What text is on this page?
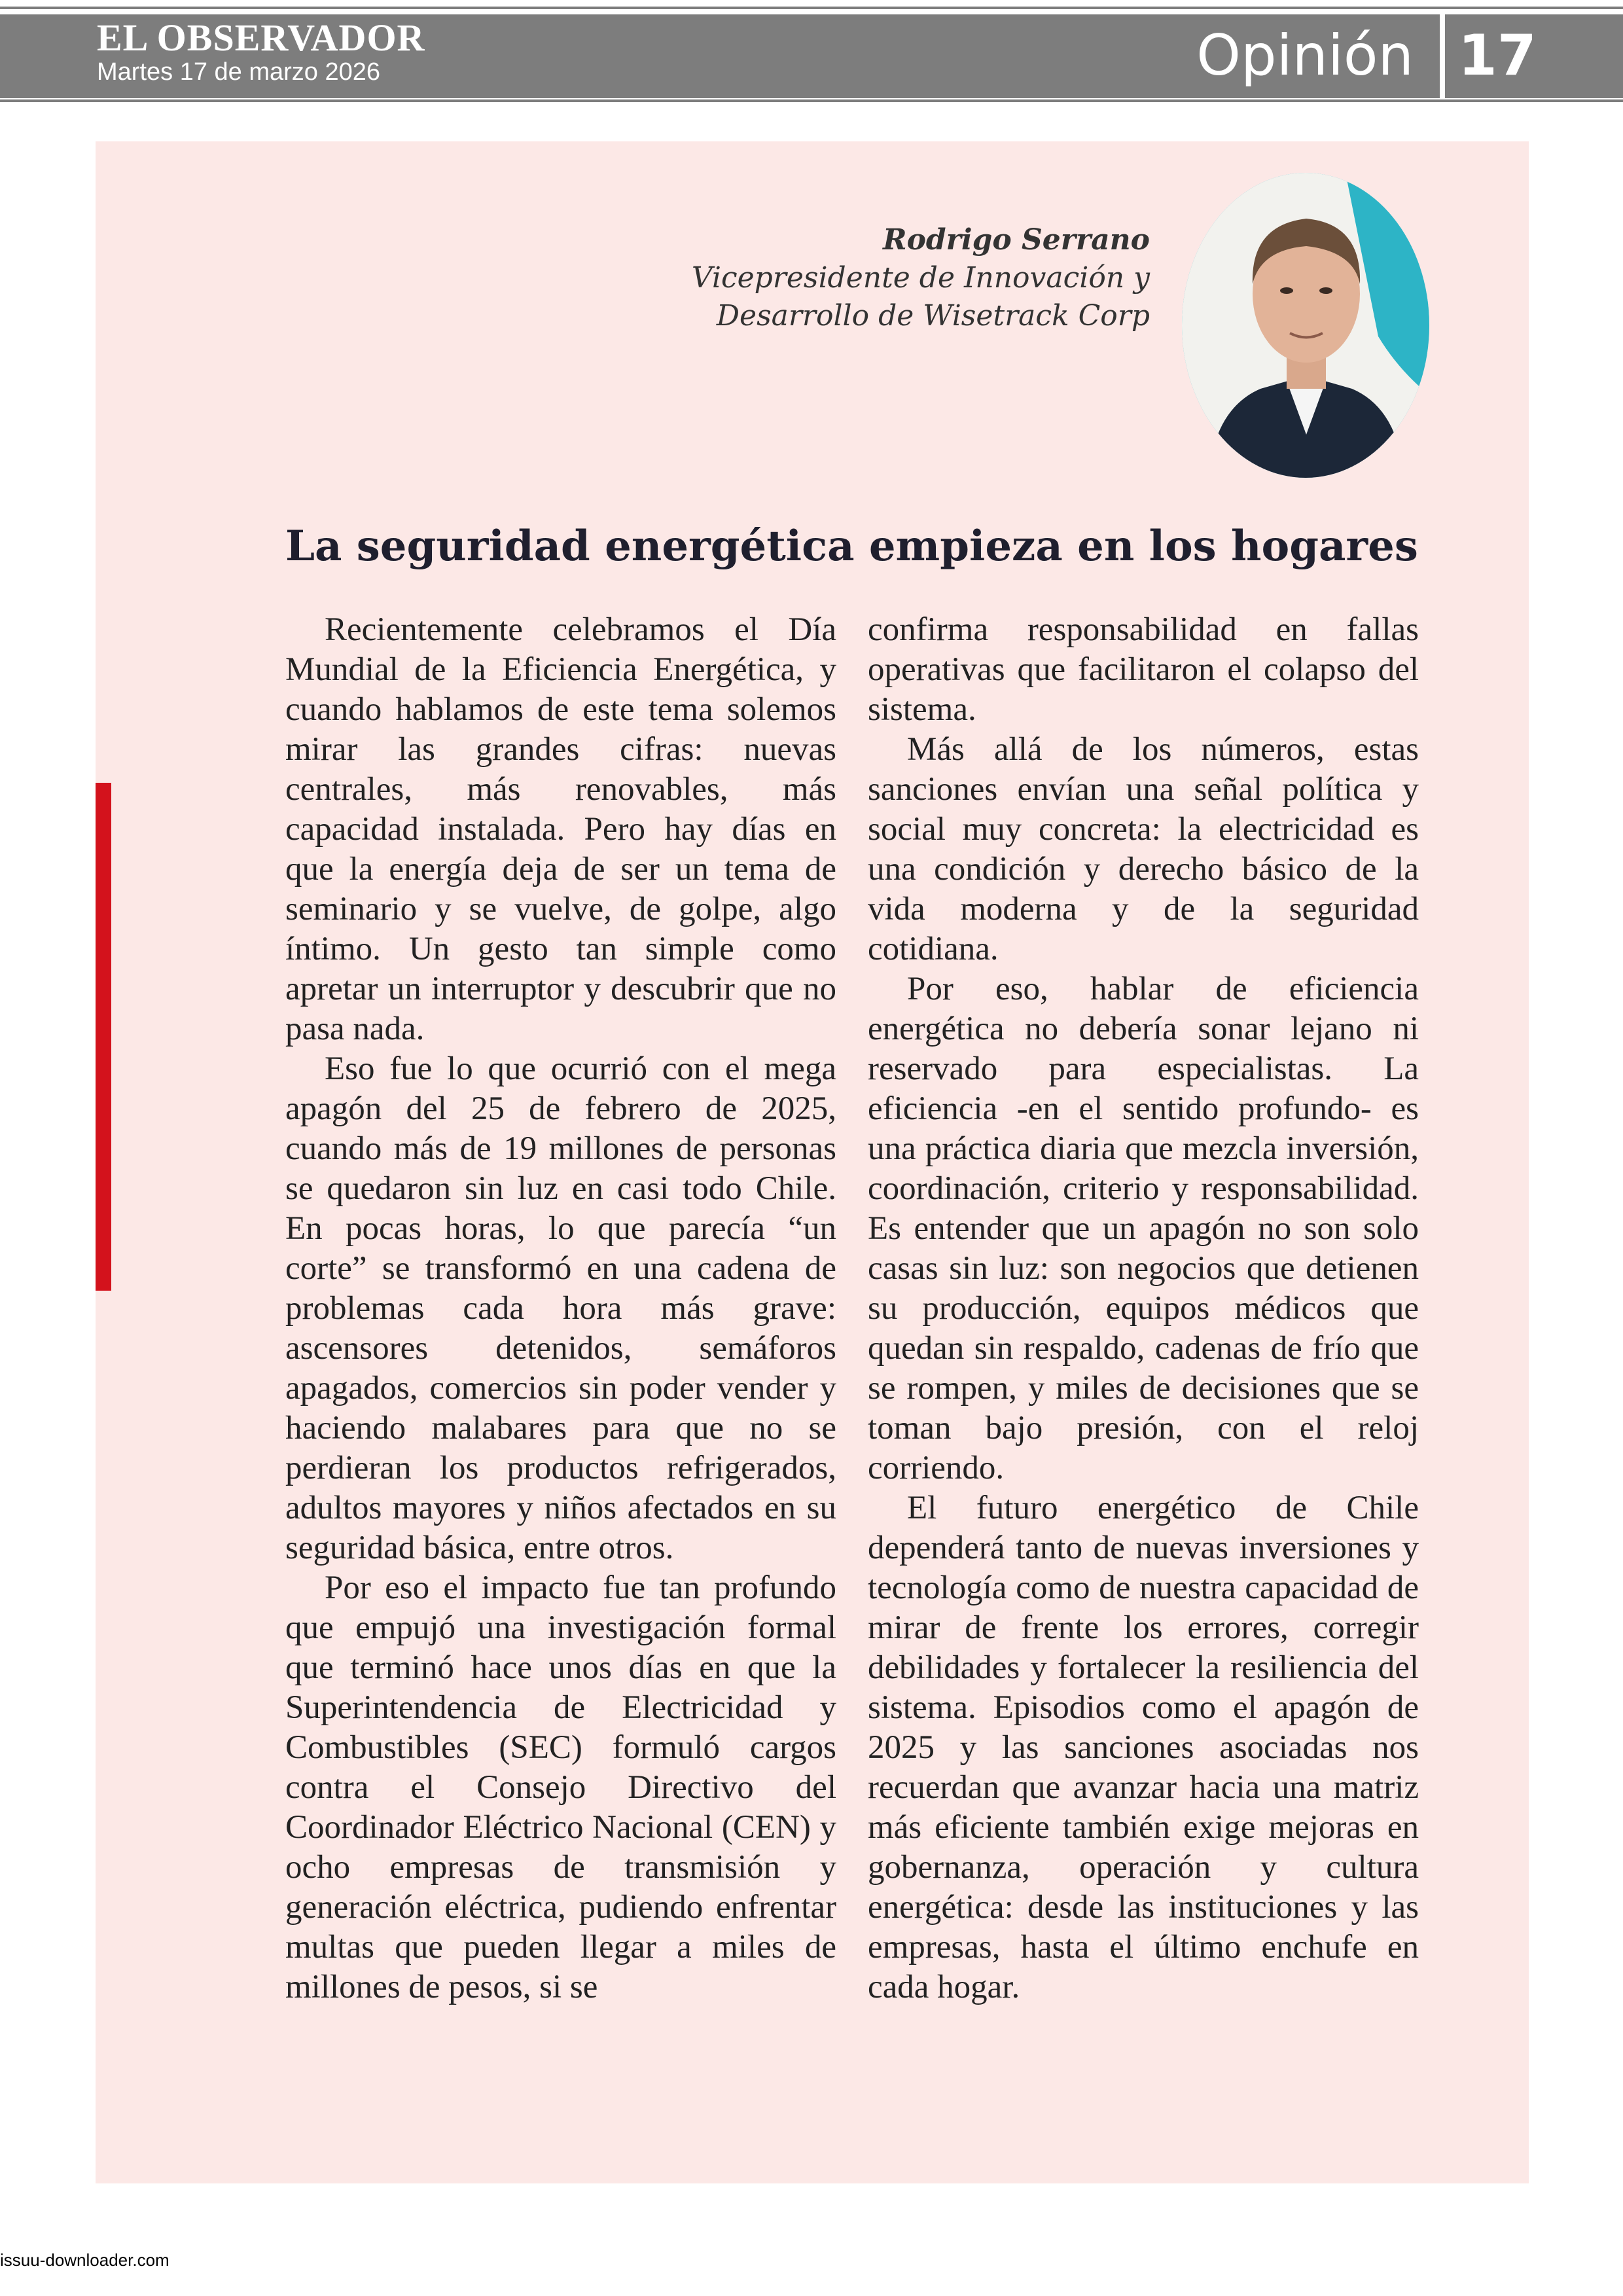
EL OBSERVADOR
Martes 17 de marzo 2026	Opinión 17
Rodrigo Serrano
Vicepresidente de Innovación y
Desarrollo de Wisetrack Corp
La seguridad energética empieza en los hogares

Recientemente celebramos el Día Mundial de la Eficiencia Energética, y cuando hablamos de este tema solemos mirar las grandes cifras: nuevas centrales, más renovables, más capacidad instalada. Pero hay días en que la energía deja de ser un tema de seminario y se vuelve, de golpe, algo íntimo. Un gesto tan simple como apretar un interruptor y descubrir que no pasa nada.

Eso fue lo que ocurrió con el mega apagón del 25 de febrero de 2025, cuando más de 19 millones de personas se quedaron sin luz en casi todo Chile. En pocas horas, lo que parecía “un corte” se transformó en una cadena de problemas cada hora más grave: ascensores detenidos, semáforos apagados, comercios sin poder vender y haciendo malabares para que no se perdieran los productos refrigerados, adultos mayores y niños afectados en su seguridad básica, entre otros.

Por eso el impacto fue tan profundo que empujó una investigación formal que terminó hace unos días en que la Superintendencia de Electricidad y Combustibles (SEC) formuló cargos contra el Consejo Directivo del Coordinador Eléctrico Nacional (CEN) y ocho empresas de transmisión y generación eléctrica, pudiendo enfrentar multas que pueden llegar a miles de millones de pesos, si se

confirma responsabilidad en fallas operativas que facilitaron el colapso del sistema.

Más allá de los números, estas sanciones envían una señal política y social muy concreta: la electricidad es una condición y derecho básico de la vida moderna y de la seguridad cotidiana.

Por eso, hablar de eficiencia energética no debería sonar lejano ni reservado para especialistas. La eficiencia -en el sentido profundo- es una práctica diaria que mezcla inversión, coordinación, criterio y responsabilidad. Es entender que un apagón no son solo casas sin luz: son negocios que detienen su producción, equipos médicos que quedan sin respaldo, cadenas de frío que se rompen, y miles de decisiones que se toman bajo presión, con el reloj corriendo.

El futuro energético de Chile dependerá tanto de nuevas inversiones y tecnología como de nuestra capacidad de mirar de frente los errores, corregir debilidades y fortalecer la resiliencia del sistema. Episodios como el apagón de 2025 y las sanciones asociadas nos recuerdan que avanzar hacia una matriz más eficiente también exige mejoras en gobernanza, operación y cultura energética: desde las instituciones y las empresas, hasta el último enchufe en cada hogar.

issuu-downloader.com
